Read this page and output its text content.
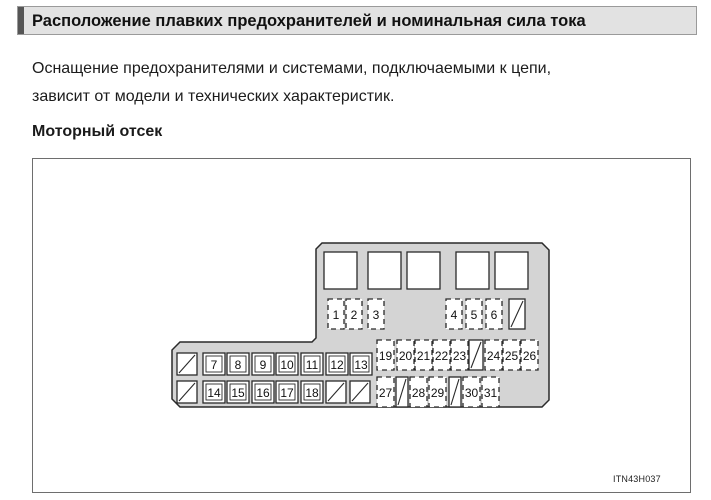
Расположение плавких предохранителей и номинальная сила тока
Оснащение предохранителями и системами, подключаемыми к цепи,
зависит от модели и технических характеристик.
Моторный отсек
1 2 3	4 5 6
7 8 9 10 11 12 13
14 15 16 17 18
19 20 21 22 23 24 25 26
27 28 29 30 31
ITN43H037
